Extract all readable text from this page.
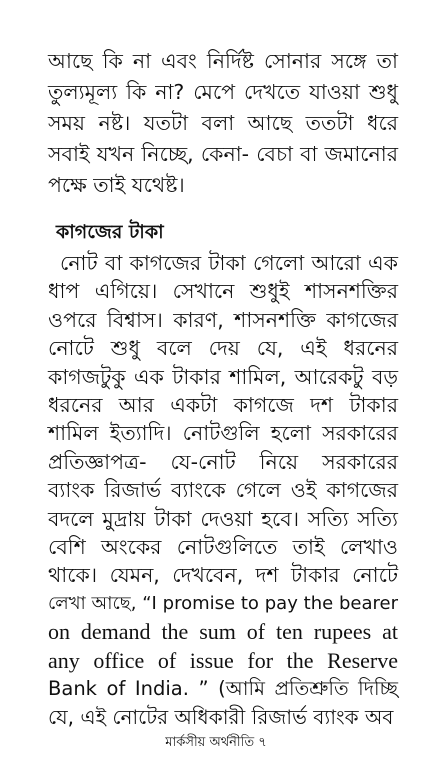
আছে কি না এবং নির্দিষ্ট সোনার সঙ্গে তা
তুল্যমূল্য কি না? মেপে দেখতে যাওয়া শুধু
সময় নষ্ট। যতটা বলা আছে ততটা ধরে
সবাই যখন নিচ্ছে, কেনা- বেচা বা জমানোর
পক্ষে তাই যথেষ্ট।
কাগজের টাকা
নোট বা কাগজের টাকা গেলো আরো এক
ধাপ এগিয়ে। সেখানে শুধুই শাসনশক্তির
ওপরে বিশ্বাস। কারণ, শাসনশক্তি কাগজের
নোটে শুধু বলে দেয় যে, এই ধরনের
কাগজটুকু এক টাকার শামিল, আরেকটু বড়
ধরনের আর একটা কাগজে দশ টাকার
শামিল ইত্যাদি। নোটগুলি হলো সরকারের
প্রতিজ্ঞাপত্র- যে-নোট নিয়ে সরকারের
ব্যাংক রিজার্ভ ব্যাংকে গেলে ওই কাগজের
বদলে মুদ্রায় টাকা দেওয়া হবে। সত্যি সত্যি
বেশি অংকের নোটগুলিতে তাই লেখাও
থাকে। যেমন, দেখবেন, দশ টাকার নোটে
লেখা আছে, “I promise to pay the bearer
on demand the sum of ten rupees at
any office of issue for the Reserve
Bank of India. ” (আমি প্রতিশ্রুতি দিচ্ছি
যে, এই নোটের অধিকারী রিজার্ভ ব্যাংক অব
মার্কসীয় অর্থনীতি ৭
